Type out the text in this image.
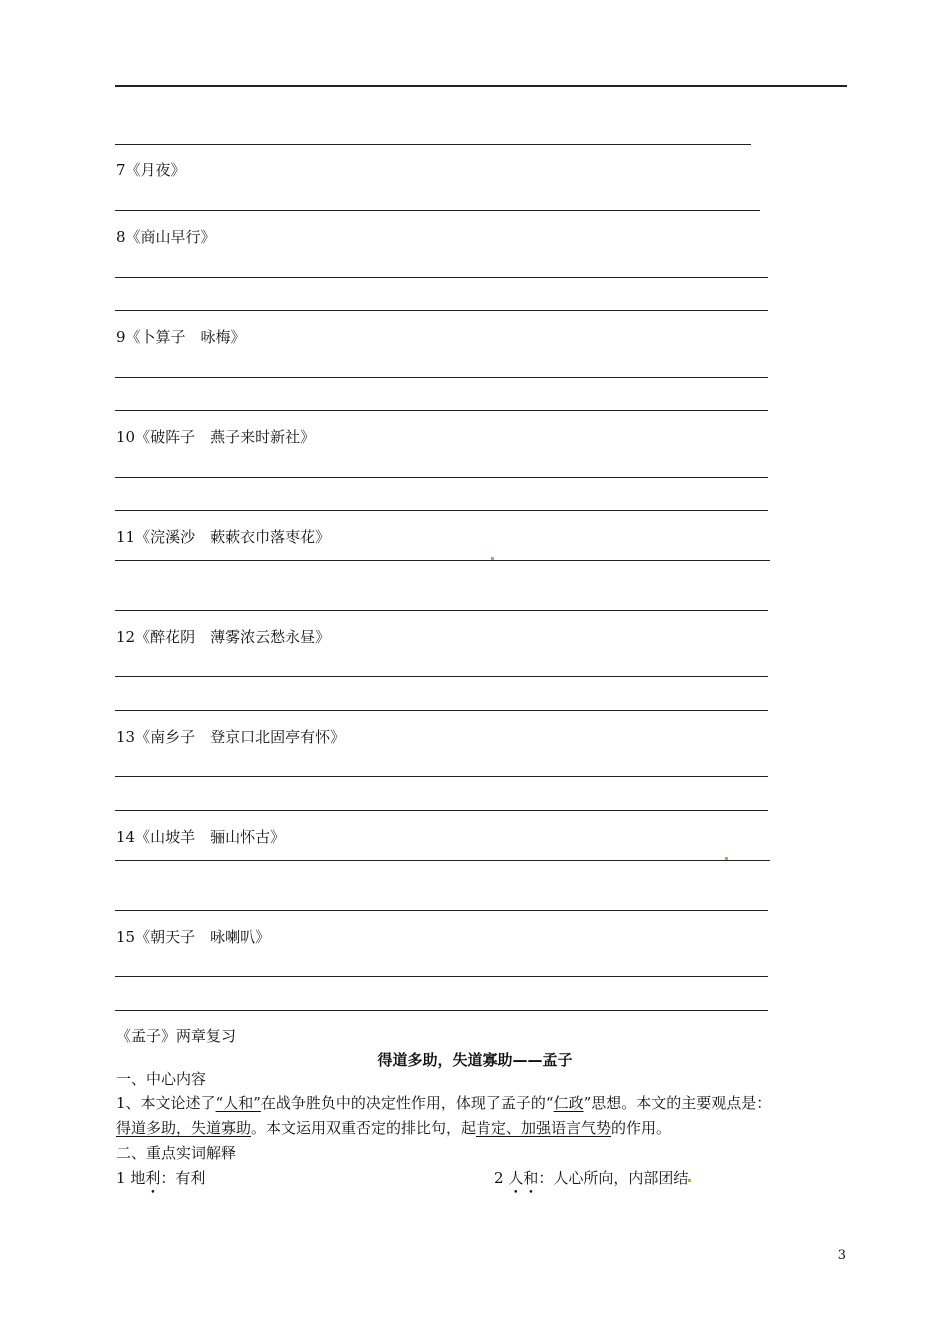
7《月夜》
8《商山早行》
9《卜算子　咏梅》
10《破阵子　燕子来时新社》
11《浣溪沙　蔌蔌衣巾落枣花》
12《醉花阴　薄雾浓云愁永昼》
13《南乡子　登京口北固亭有怀》
14《山坡羊　骊山怀古》
15《朝天子　咏喇叭》
《孟子》两章复习
得道多助，失道寡助——孟子
一、中心内容
1、本文论述了“人和”在战争胜负中的决定性作用，体现了孟子的“仁政”思想。本文的主要观点是：
得道多助，失道寡助。本文运用双重否定的排比句，起肯定、加强语言气势的作用。
二、重点实词解释
1 地利：有利	2 人和：人心所向，内部团结
3
